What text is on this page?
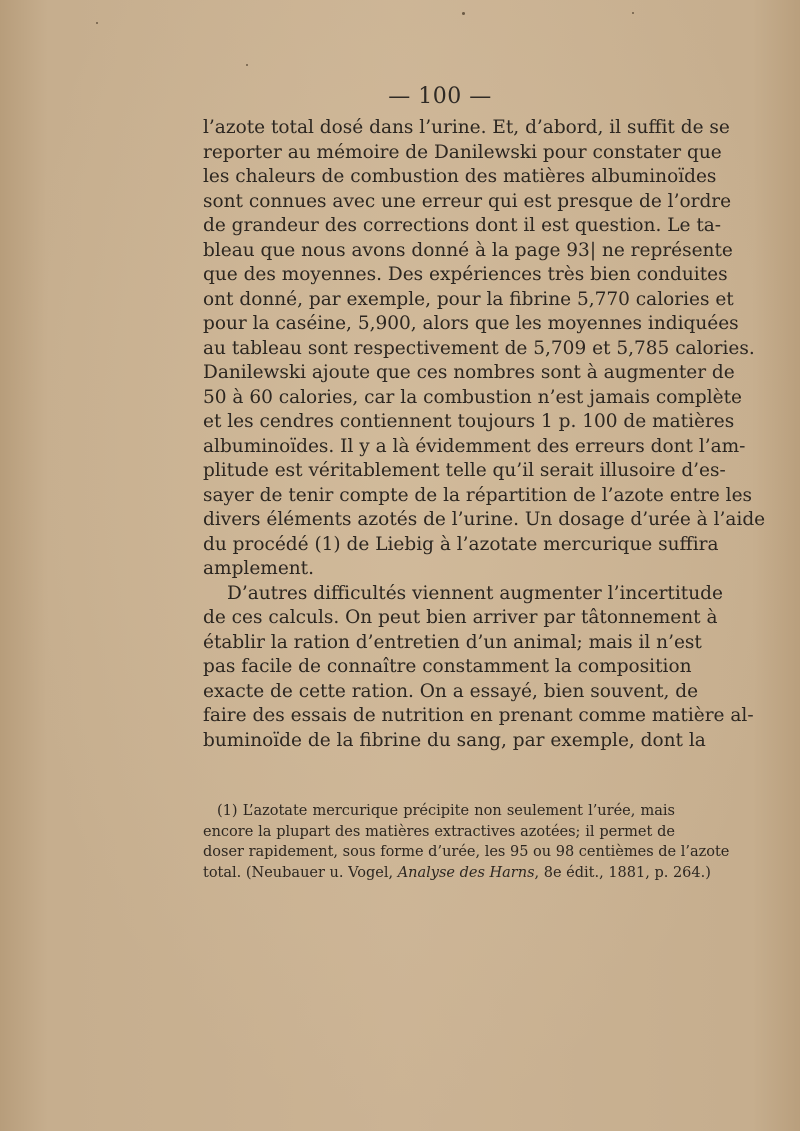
— 100 —
l’azote total dosé dans l’urine. Et, d’abord, il suffit de se
reporter au mémoire de Danilewski pour constater que
les chaleurs de combustion des matières albuminoïdes
sont connues avec une erreur qui est presque de l’ordre
de grandeur des corrections dont il est question. Le ta-
bleau que nous avons donné à la page 93| ne représente
que des moyennes. Des expériences très bien conduites
ont donné, par exemple, pour la fibrine 5,770 calories et
pour la caséine, 5,900, alors que les moyennes indiquées
au tableau sont respectivement de 5,709 et 5,785 calories.
Danilewski ajoute que ces nombres sont à augmenter de
50 à 60 calories, car la combustion n’est jamais complète
et les cendres contiennent toujours 1 p. 100 de matières
albuminoïdes. Il y a là évidemment des erreurs dont l’am-
plitude est véritablement telle qu’il serait illusoire d’es-
sayer de tenir compte de la répartition de l’azote entre les
divers éléments azotés de l’urine. Un dosage d’urée à l’aide
du procédé (1) de Liebig à l’azotate mercurique suffira
amplement.
D’autres difficultés viennent augmenter l’incertitude
de ces calculs. On peut bien arriver par tâtonnement à
établir la ration d’entretien d’un animal; mais il n’est
pas facile de connaître constamment la composition
exacte de cette ration. On a essayé, bien souvent, de
faire des essais de nutrition en prenant comme matière al-
buminoïde de la fibrine du sang, par exemple, dont la
(1) L’azotate mercurique précipite non seulement l’urée, mais
encore la plupart des matières extractives azotées; il permet de
doser rapidement, sous forme d’urée, les 95 ou 98 centièmes de l’azote
total. (Neubauer u. Vogel, Analyse des Harns, 8e édit., 1881, p. 264.)
